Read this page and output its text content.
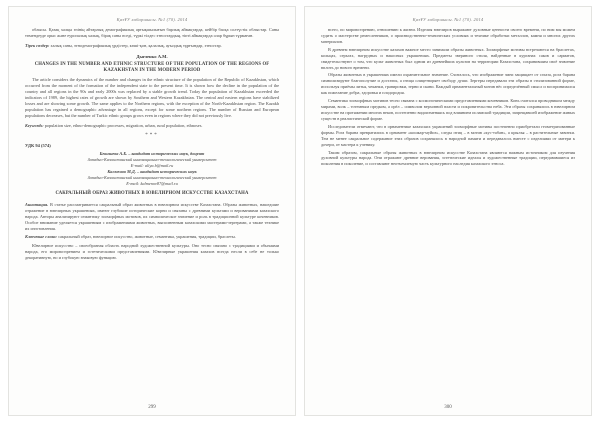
ҚазҰУ хабаршысы. №1 (70). 2014

облысы. Қазақ халқы өзінің айтарлық демографиялық артықшылығын барлық аймақтарда, кейбір басқа солтүстік облыстар. Саны төмендеуде орыс және еуропалық халық, бірақ саны өседі, түркі тілдес этностардың, тіпті аймақтарда олар бұрын тұрмаған.

Тірек сөздер: халық саны, этнодемографиялық үрдістер, көші-қон, қалалық, ауылдық тұрғындар, этностар.
Дьяченко А.М.
CHANGES IN THE NUMBER AND ETHNIC STRUCTURE OF THE POPULATION OF THE REGIONS OF KAZAKHSTAN IN THE MODERN PERIOD

The article considers the dynamics of the number and changes in the ethnic structure of the population of the Republic of Kazakhstan, which occurred from the moment of the formation of the independent state to the present time. It is shown how the decline in the population of the country and all regions in the 90s and early 2000s was replaced by a stable growth trend. Today the population of Kazakhstan exceeded the indicators of 1989, the highest rates of growth are shown by Southern and Western Kazakhstan. The central and eastern regions have stabilized losses and are showing some growth. The same applies to the Northern regions, with the exception of the North-Kazakhstan region. The Kazakh population has regained a demographic advantage in all regions, except for some northern regions. The number of Russian and European populations decreases, but the number of Turkic ethnic groups grows even in regions where they did not previously live.

Keywords: population size, ethno-demographic processes, migration, urban, rural population, ethnoses.
***
УДК 94 (574)
Бекишева А.Б. – кандидат исторических наук, доцент
Западно-Казахстанский инновационно-технологический университет
E-mail: aliya.b@mail.ru
Калменов М.Д. – кандидат исторических наук
Западно-Казахстанский инновационно-технологический университет
E-mail: kalmenov87@mail.ru
САКРАЛЬНЫЙ ОБРАЗ ЖИВОТНЫХ В ЮВЕЛИРНОМ ИСКУССТВЕ КАЗАХСТАНА
Аннотация. В статье рассматривается сакральный образ животных в ювелирном искусстве Казахстана. Образы животных, нашедшие отражение в ювелирных украшениях, имеют глубокие исторические корни и связаны с древними культами и верованиями казахского народа. Авторы анализируют семантику зооморфных мотивов, их символическое значение и роль в традиционной культуре кочевников. Особое внимание уделяется украшениям с изображениями животных, выполненным казахскими мастерами-зергерами, а также технике их изготовления.
Ключевые слова: сакральный образ, ювелирное искусство, животные, семантика, украшения, традиции, браслеты.

Ювелирное искусство – своеобразная область народной художественной культуры. Оно тесно связано с традициями и обычаями народа, его мировоззрением и эстетическими представлениями. Ювелирные украшения казахов всегда несли в себе не только декоративную, но и глубокую знаковую функцию.

299
ҚазҰУ хабаршысы. №1 (70). 2014

всего, по мировоззрению, отношению к жизни. Изделия ювелиров выражают духовные ценности своего времени, по ним мы можем судить о мастерстве ремесленников, о производственно-технических условиях и технике обработки металлов, камня и многих других материалов.

В древнем ювелирном искусстве казахов важное место занимали образы животных. Зооморфные мотивы встречаются на браслетах, кольцах, серьгах, нагрудных и накосных украшениях. Предметы звериного стиля, найденные в курганах саков и сарматов, свидетельствуют о том, что культ животных был одним из древнейших культов на территории Казахстана, сохранившим своё значение вплоть до нового времени.

Образы животных в украшениях имели охранительное значение. Считалось, что изображение змеи защищает от сглаза, рога барана символизируют благополучие и достаток, а птица олицетворяет свободу души. Зергеры передавали эти образы в стилизованной форме, используя приёмы литья, чеканки, гравировки, зерни и скани. Каждый орнаментальный мотив нёс определённый смысл и воспринимался как пожелание добра, здоровья и плодородия.

Семантика зооморфных мотивов тесно связана с космогоническими представлениями кочевников. Конь считался проводником между мирами, волк – тотемным предком, а орёл – символом верховной власти и покровительства неба. Эти образы сохранялись в ювелирном искусстве на протяжении многих веков, постепенно видоизменяясь под влиянием исламской традиции, запрещавшей изображение живых существ в реалистической форме.

Исследователи отмечают, что в орнаментике казахских украшений зооморфные мотивы постепенно приобретали геометризованные формы. Рога барана превратились в орнамент «кошкар-муйиз», следы птиц – в мотив «кус-табан», а крылья – в растительные завитки. Тем не менее сакральное содержание этих образов сохранялось в народной памяти и передавалось вместе с изделиями от матери к дочери, от мастера к ученику.

Таким образом, сакральные образы животных в ювелирном искусстве Казахстана являются важным источником для изучения духовной культуры народа. Они отражают древние верования, эстетические идеалы и художественные традиции, передававшиеся из поколения в поколение, и составляют неотъемлемую часть культурного наследия казахского этноса.

300
